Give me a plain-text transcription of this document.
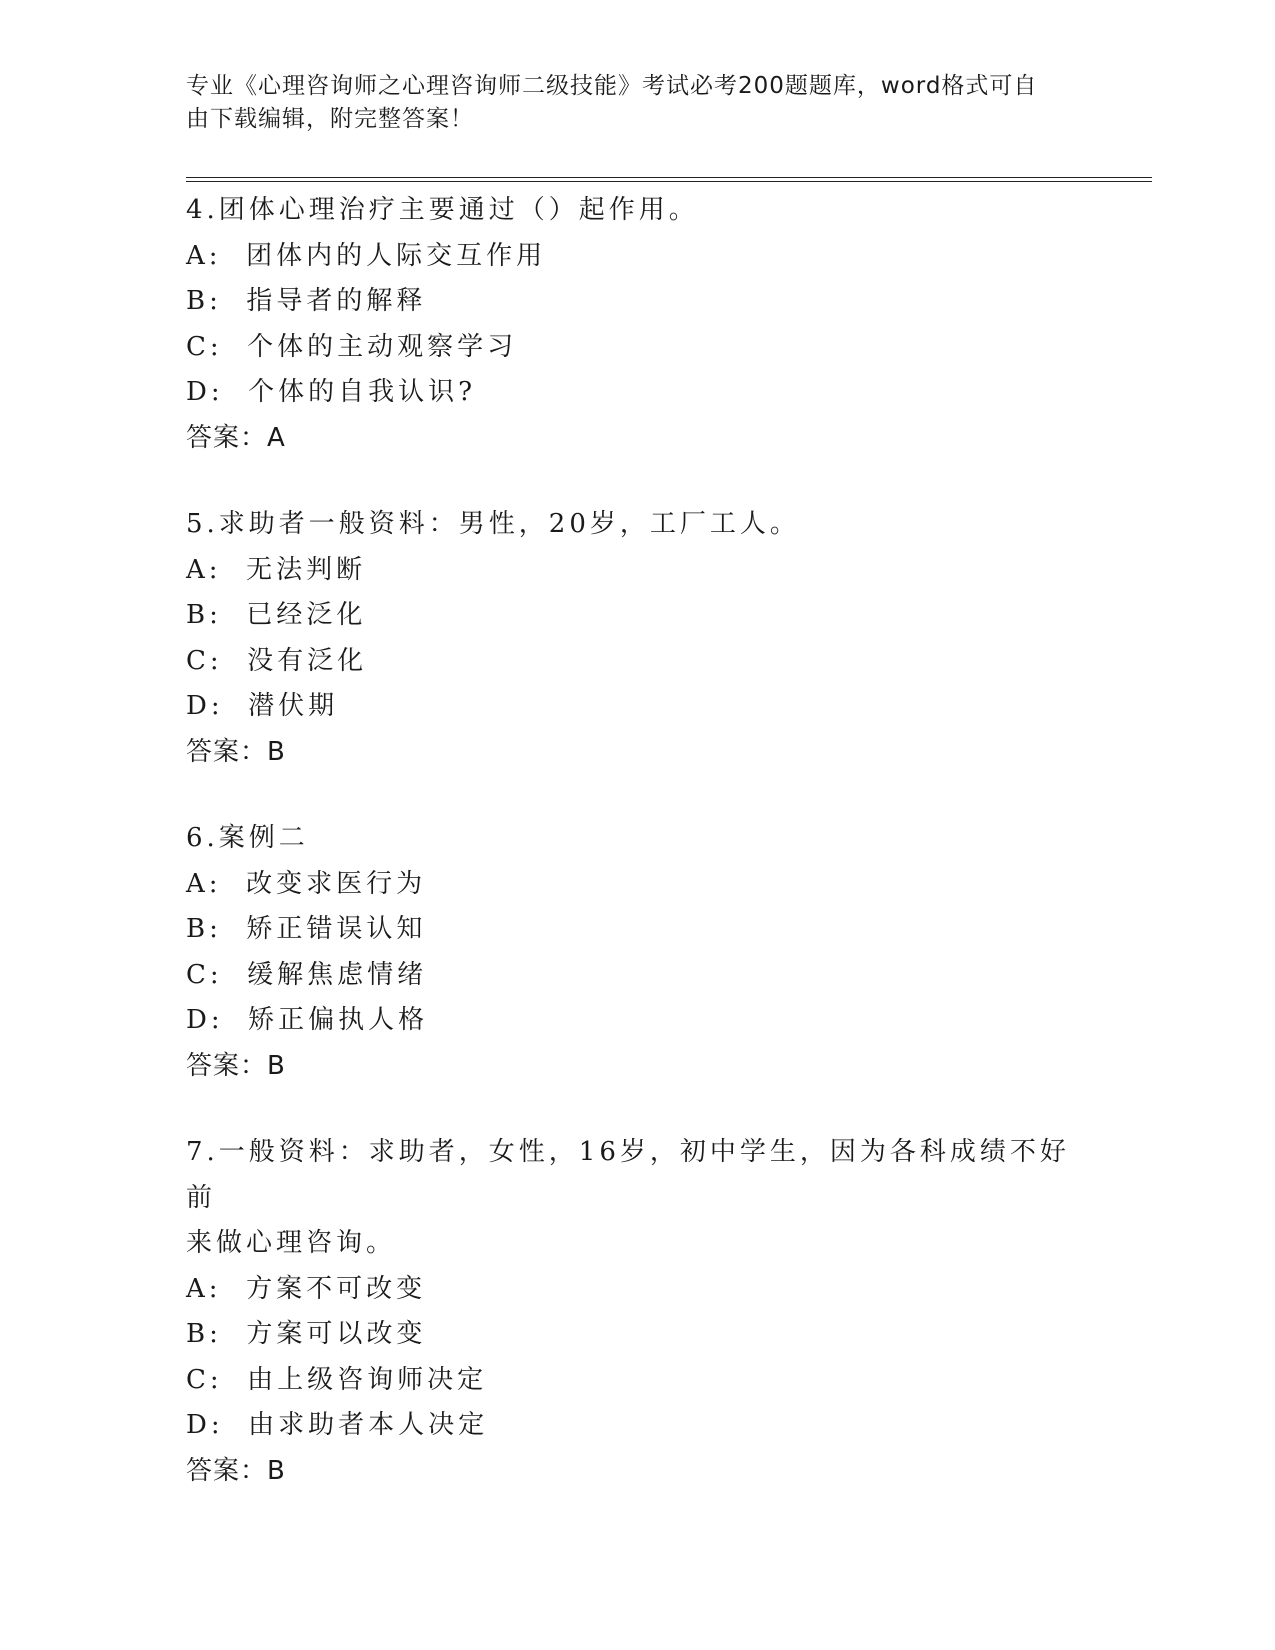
专业《心理咨询师之心理咨询师二级技能》考试必考200题题库，word格式可自
由下载编辑，附完整答案！
4.团体心理治疗主要通过（）起作用。
A:  团体内的人际交互作用
B:  指导者的解释
C:  个体的主动观察学习
D:  个体的自我认识?
答案：A
5.求助者一般资料：男性，20岁，工厂工人。
A:  无法判断
B:  已经泛化
C:  没有泛化
D:  潜伏期
答案：B
6.案例二
A:  改变求医行为
B:  矫正错误认知
C:  缓解焦虑情绪
D:  矫正偏执人格
答案：B
7.一般资料：求助者，女性，16岁，初中学生，因为各科成绩不好前
来做心理咨询。
A:  方案不可改变
B:  方案可以改变
C:  由上级咨询师决定
D:  由求助者本人决定
答案：B
